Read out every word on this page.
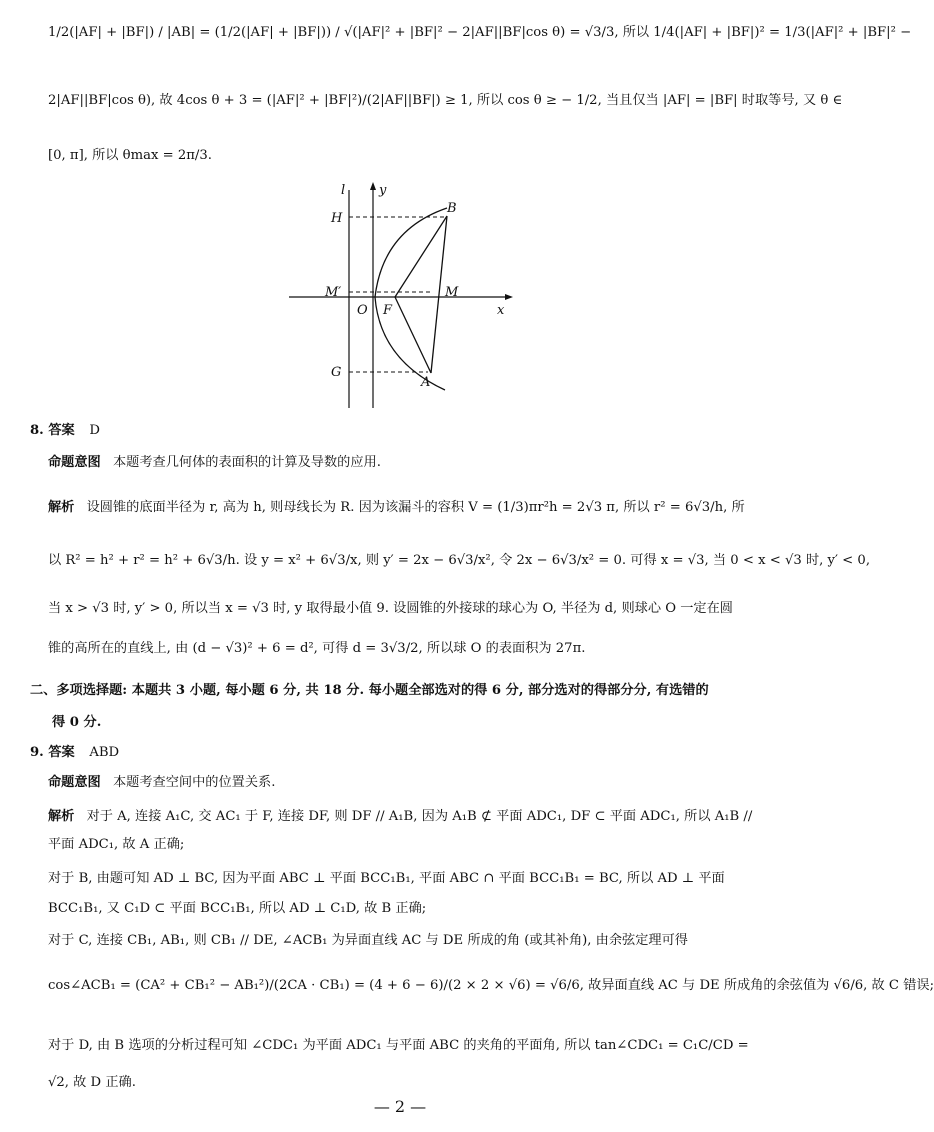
1/2(|AF| + |BF|) / |AB| = (1/2(|AF| + |BF|)) / √(|AF|² + |BF|² − 2|AF||BF|cos θ) = √3/3, 所以 1/4(|AF| + |BF|)² = 1/3(|AF|² + |BF|² −
2|AF||BF|cos θ), 故 4cos θ + 3 = (|AF|² + |BF|²)/(2|AF||BF|) ≥ 1, 所以 cos θ ≥ − 1/2, 当且仅当 |AF| = |BF| 时取等号, 又 θ ∈
[0, π], 所以 θmax = 2π/3.
l	y
H
B
M′	M
O F	x
G
A
8. 答案 D
命题意图 本题考查几何体的表面积的计算及导数的应用.
解析 设圆锥的底面半径为 r, 高为 h, 则母线长为 R. 因为该漏斗的容积 V = (1/3)πr²h = 2√3 π, 所以 r² = 6√3/h, 所
以 R² = h² + r² = h² + 6√3/h. 设 y = x² + 6√3/x, 则 y′ = 2x − 6√3/x², 令 2x − 6√3/x² = 0. 可得 x = √3, 当 0 < x < √3 时, y′ < 0,
当 x > √3 时, y′ > 0, 所以当 x = √3 时, y 取得最小值 9. 设圆锥的外接球的球心为 O, 半径为 d, 则球心 O 一定在圆
锥的高所在的直线上, 由 (d − √3)² + 6 = d², 可得 d = 3√3/2, 所以球 O 的表面积为 27π.
二、多项选择题: 本题共 3 小题, 每小题 6 分, 共 18 分. 每小题全部选对的得 6 分, 部分选对的得部分分, 有选错的
得 0 分.
9. 答案 ABD
命题意图 本题考查空间中的位置关系.
解析 对于 A, 连接 A₁C, 交 AC₁ 于 F, 连接 DF, 则 DF // A₁B, 因为 A₁B ⊄ 平面 ADC₁, DF ⊂ 平面 ADC₁, 所以 A₁B //
平面 ADC₁, 故 A 正确;
对于 B, 由题可知 AD ⊥ BC, 因为平面 ABC ⊥ 平面 BCC₁B₁, 平面 ABC ∩ 平面 BCC₁B₁ = BC, 所以 AD ⊥ 平面
BCC₁B₁, 又 C₁D ⊂ 平面 BCC₁B₁, 所以 AD ⊥ C₁D, 故 B 正确;
对于 C, 连接 CB₁, AB₁, 则 CB₁ // DE, ∠ACB₁ 为异面直线 AC 与 DE 所成的角 (或其补角), 由余弦定理可得
cos∠ACB₁ = (CA² + CB₁² − AB₁²)/(2CA · CB₁) = (4 + 6 − 6)/(2 × 2 × √6) = √6/6, 故异面直线 AC 与 DE 所成角的余弦值为 √6/6, 故 C 错误;
对于 D, 由 B 选项的分析过程可知 ∠CDC₁ 为平面 ADC₁ 与平面 ABC 的夹角的平面角, 所以 tan∠CDC₁ = C₁C/CD =
√2, 故 D 正确.
— 2 —
